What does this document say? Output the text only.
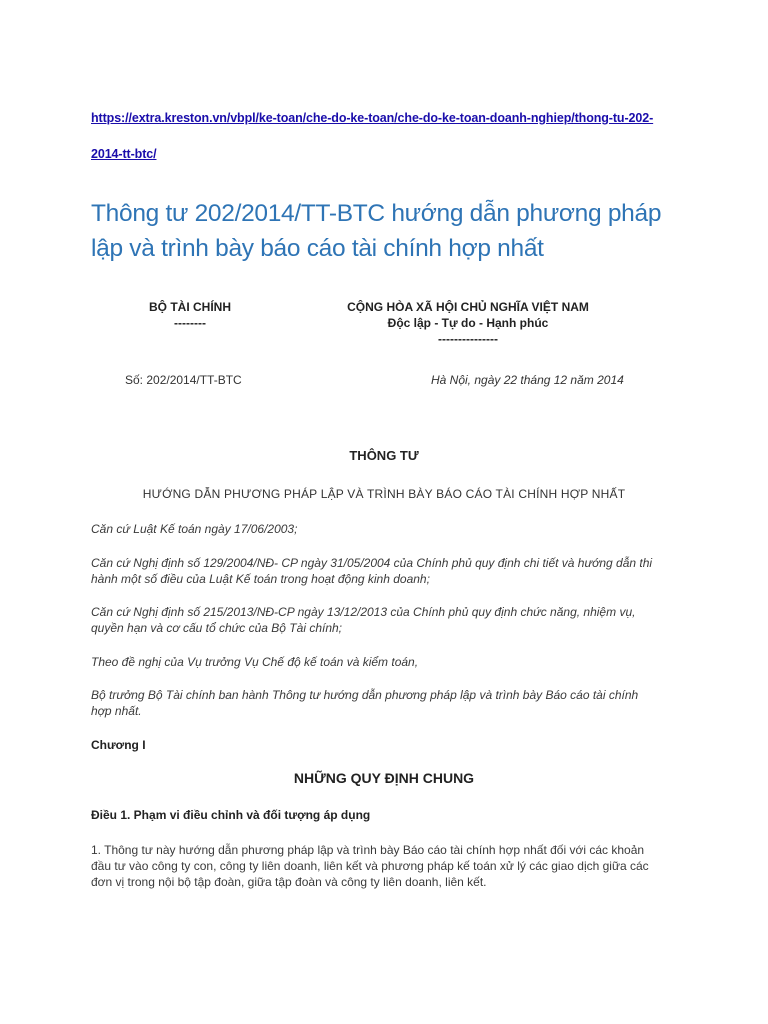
https://extra.kreston.vn/vbpl/ke-toan/che-do-ke-toan/che-do-ke-toan-doanh-nghiep/thong-tu-202-
2014-tt-btc/
Thông tư 202/2014/TT-BTC hướng dẫn phương pháp
lập và trình bày báo cáo tài chính hợp nhất
BỘ TÀI CHÍNH
--------
CỘNG HÒA XÃ HỘI CHỦ NGHĨA VIỆT NAM
Độc lập - Tự do - Hạnh phúc
---------------
Số: 202/2014/TT-BTC	Hà Nội, ngày 22 tháng 12 năm 2014
THÔNG TƯ
HƯỚNG DẪN PHƯƠNG PHÁP LẬP VÀ TRÌNH BÀY BÁO CÁO TÀI CHÍNH HỢP NHẤT
Căn cứ Luật Kế toán ngày 17/06/2003;
Căn cứ Nghị định số 129/2004/NĐ- CP ngày 31/05/2004 của Chính phủ quy định chi tiết và hướng dẫn thi
hành một số điều của Luật Kế toán trong hoạt động kinh doanh;
Căn cứ Nghị định số 215/2013/NĐ-CP ngày 13/12/2013 của Chính phủ quy định chức năng, nhiệm vụ,
quyền hạn và cơ cấu tổ chức của Bộ Tài chính;
Theo đề nghị của Vụ trưởng Vụ Chế độ kế toán và kiểm toán,
Bộ trưởng Bộ Tài chính ban hành Thông tư hướng dẫn phương pháp lập và trình bày Báo cáo tài chính
hợp nhất.
Chương I
NHỮNG QUY ĐỊNH CHUNG
Điều 1. Phạm vi điều chỉnh và đối tượng áp dụng
1. Thông tư này hướng dẫn phương pháp lập và trình bày Báo cáo tài chính hợp nhất đối với các khoản
đầu tư vào công ty con, công ty liên doanh, liên kết và phương pháp kế toán xử lý các giao dịch giữa các
đơn vị trong nội bộ tập đoàn, giữa tập đoàn và công ty liên doanh, liên kết.
